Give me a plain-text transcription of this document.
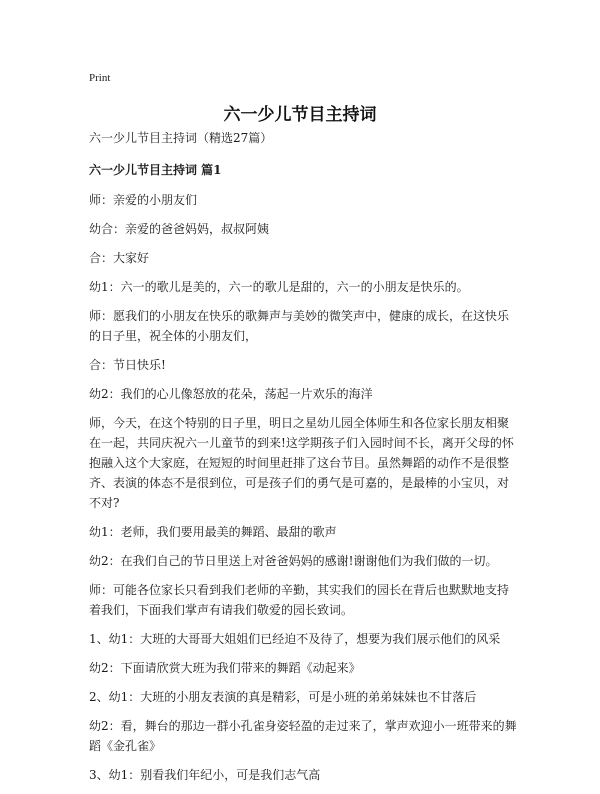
Print
六一少儿节目主持词

六一少儿节目主持词（精选27篇）

六一少儿节目主持词 篇1

师：亲爱的小朋友们

幼合：亲爱的爸爸妈妈，叔叔阿姨

合：大家好

幼1：六一的歌儿是美的，六一的歌儿是甜的，六一的小朋友是快乐的。

师：愿我们的小朋友在快乐的歌舞声与美妙的微笑声中，健康的成长，在这快乐的日子里，祝全体的小朋友们，

合：节日快乐!

幼2：我们的心儿像怒放的花朵，荡起一片欢乐的海洋

师，今天，在这个特别的日子里，明日之星幼儿园全体师生和各位家长朋友相聚在一起，共同庆祝六一儿童节的到来!这学期孩子们入园时间不长，离开父母的怀抱融入这个大家庭，在短短的时间里赶排了这台节目。虽然舞蹈的动作不是很整齐、表演的体态不是很到位，可是孩子们的勇气是可嘉的，是最棒的小宝贝，对不对?

幼1：老师，我们要用最美的舞蹈、最甜的歌声

幼2：在我们自己的节日里送上对爸爸妈妈的感谢!谢谢他们为我们做的一切。

师：可能各位家长只看到我们老师的辛勤，其实我们的园长在背后也默默地支持着我们，下面我们掌声有请我们敬爱的园长致词。

1、幼1：大班的大哥哥大姐姐们已经迫不及待了，想要为我们展示他们的风采

幼2：下面请欣赏大班为我们带来的舞蹈《动起来》

2、幼1：大班的小朋友表演的真是精彩，可是小班的弟弟妹妹也不甘落后

幼2：看，舞台的那边一群小孔雀身姿轻盈的走过来了，掌声欢迎小一班带来的舞蹈《金孔雀》

3、幼1：别看我们年纪小，可是我们志气高
